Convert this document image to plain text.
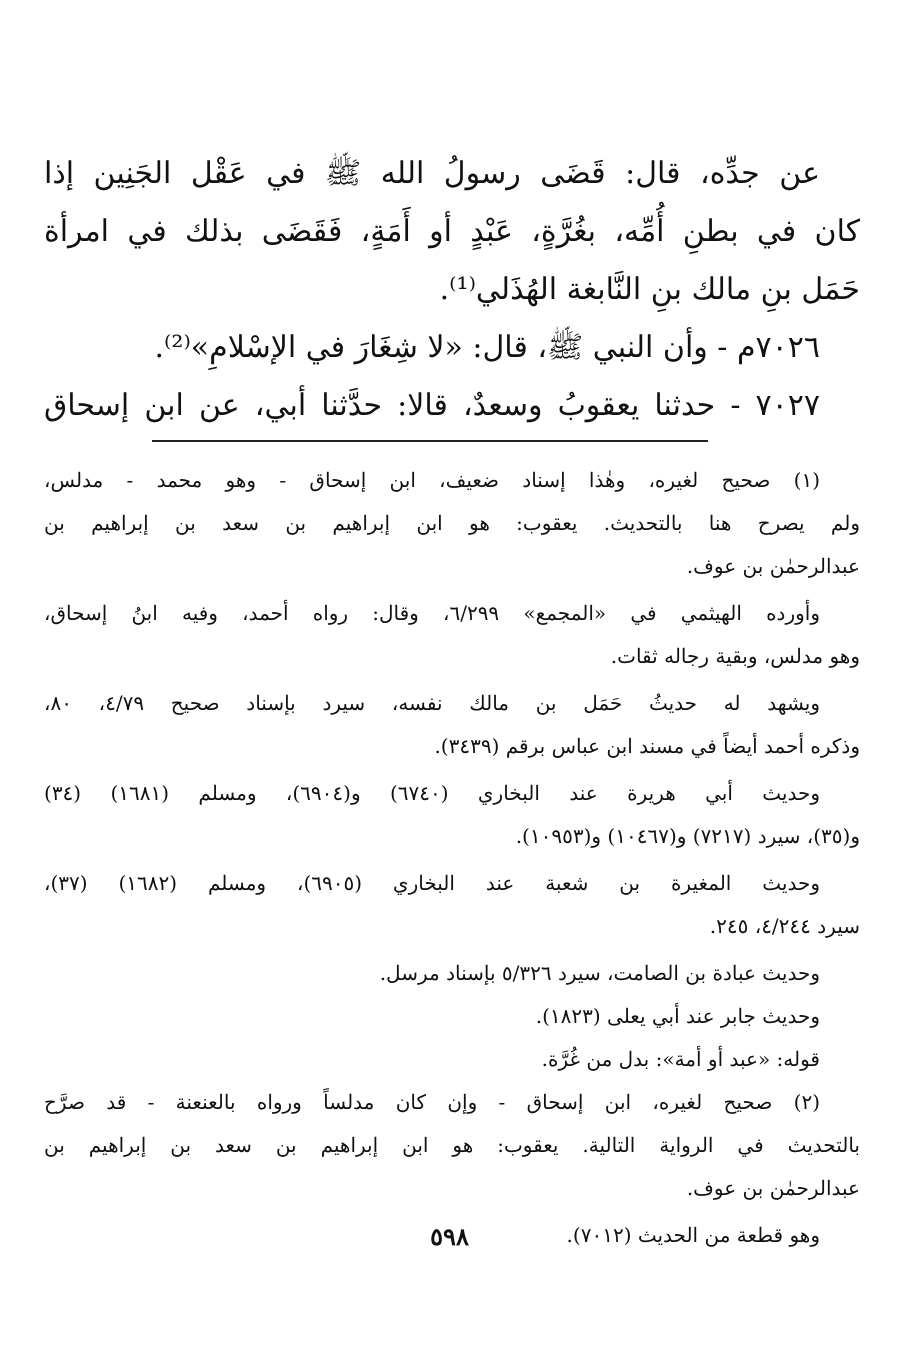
عن جدِّه، قال: قَضَى رسولُ الله ﷺ في عَقْل الجَنِين إذا

كان في بطنِ أُمِّه، بغُرَّةٍ، عَبْدٍ أو أَمَةٍ، فَقَضَى بذلك في امرأة

حَمَل بنِ مالك بنِ النَّابغة الهُذَلي⁽¹⁾.

٧٠٢٦م - وأن النبي ﷺ، قال: «لا شِغَارَ في الإسْلامِ»⁽²⁾.

٧٠٢٧ - حدثنا يعقوبُ وسعدٌ، قالا: حدَّثنا أبي، عن ابن إسحاق

(١) صحيح لغيره، وهٰذا إسناد ضعيف، ابن إسحاق - وهو محمد - مدلس،

ولم يصرح هنا بالتحديث. يعقوب: هو ابن إبراهيم بن سعد بن إبراهيم بن

عبدالرحمٰن بن عوف.

وأورده الهيثمي في «المجمع» ٦/٢٩٩، وقال: رواه أحمد، وفيه ابنُ إسحاق،

وهو مدلس، وبقية رجاله ثقات.

ويشهد له حديثُ حَمَل بن مالك نفسه، سيرد بإسناد صحيح ٤/٧٩، ٨٠،

وذكره أحمد أيضاً في مسند ابن عباس برقم (٣٤٣٩).

وحديث أبي هريرة عند البخاري (٦٧٤٠) و(٦٩٠٤)، ومسلم (١٦٨١) (٣٤)

و(٣٥)، سيرد (٧٢١٧) و(١٠٤٦٧) و(١٠٩٥٣).

وحديث المغيرة بن شعبة عند البخاري (٦٩٠٥)، ومسلم (١٦٨٢) (٣٧)،

سيرد ٤/٢٤٤، ٢٤٥.

وحديث عبادة بن الصامت، سيرد ٥/٣٢٦ بإسناد مرسل.

وحديث جابر عند أبي يعلى (١٨٢٣).

قوله: «عبد أو أمة»: بدل من غُرَّة.

(٢) صحيح لغيره، ابن إسحاق - وإن كان مدلساً ورواه بالعنعنة - قد صرَّح

بالتحديث في الرواية التالية. يعقوب: هو ابن إبراهيم بن سعد بن إبراهيم بن

عبدالرحمٰن بن عوف.

وهو قطعة من الحديث (٧٠١٢).

٥٩٨
